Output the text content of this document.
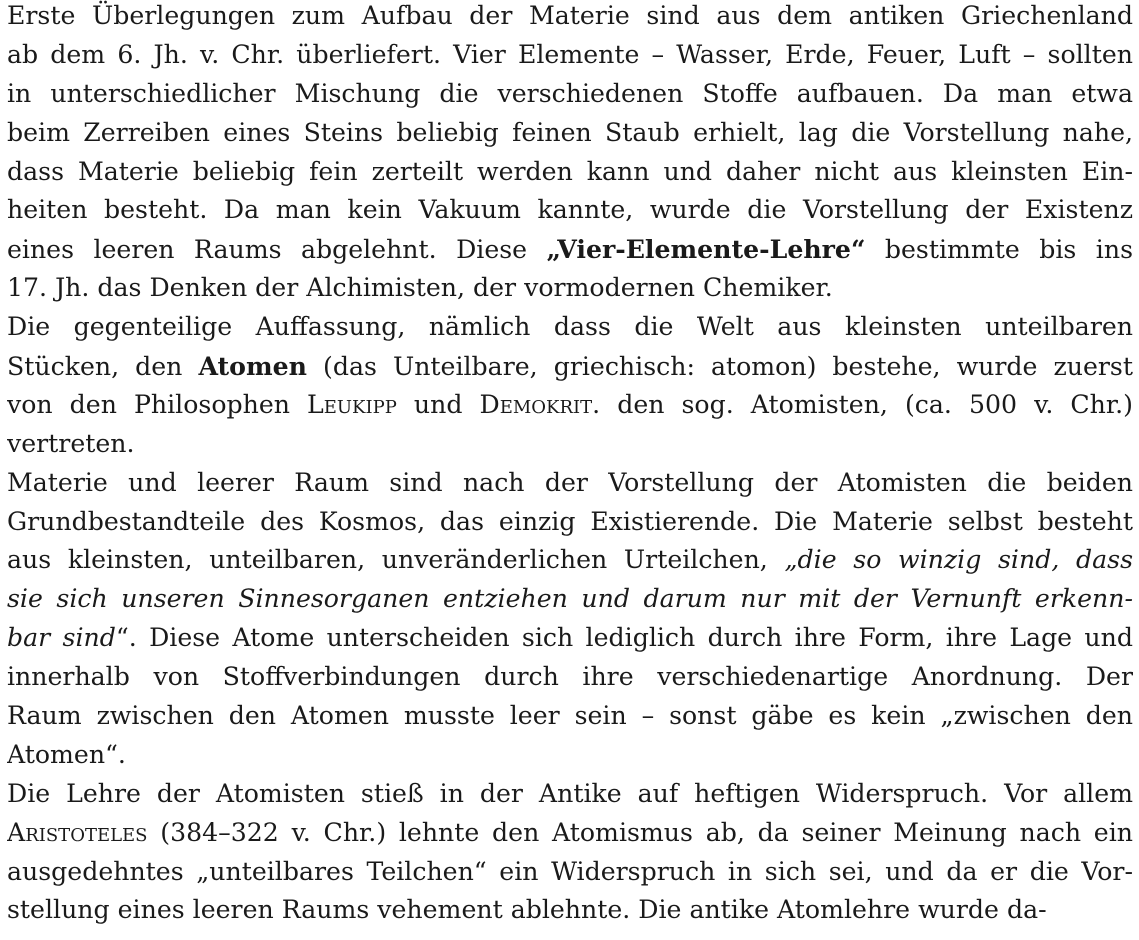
Erste Überlegungen zum Aufbau der Materie sind aus dem antiken Griechenland
ab dem 6. Jh. v. Chr. überliefert. Vier Elemente – Wasser, Erde, Feuer, Luft – sollten
in unterschiedlicher Mischung die verschiedenen Stoffe aufbauen. Da man etwa
beim Zerreiben eines Steins beliebig feinen Staub erhielt, lag die Vorstellung nahe,
dass Materie beliebig fein zerteilt werden kann und daher nicht aus kleinsten Ein-
heiten besteht. Da man kein Vakuum kannte, wurde die Vorstellung der Existenz
eines leeren Raums abgelehnt. Diese „Vier-Elemente-Lehre“ bestimmte bis ins
17. Jh. das Denken der Alchimisten, der vormodernen Chemiker.
Die gegenteilige Auffassung, nämlich dass die Welt aus kleinsten unteilbaren
Stücken, den Atomen (das Unteilbare, griechisch: atomon) bestehe, wurde zuerst
von den Philosophen Leukipp und Demokrit. den sog. Atomisten, (ca. 500 v. Chr.)
vertreten.
Materie und leerer Raum sind nach der Vorstellung der Atomisten die beiden
Grundbestandteile des Kosmos, das einzig Existierende. Die Materie selbst besteht
aus kleinsten, unteilbaren, unveränderlichen Urteilchen, „die so winzig sind, dass
sie sich unseren Sinnesorganen entziehen und darum nur mit der Vernunft erkenn-
bar sind“. Diese Atome unterscheiden sich lediglich durch ihre Form, ihre Lage und
innerhalb von Stoffverbindungen durch ihre verschiedenartige Anordnung. Der
Raum zwischen den Atomen musste leer sein – sonst gäbe es kein „zwischen den
Atomen“.
Die Lehre der Atomisten stieß in der Antike auf heftigen Widerspruch. Vor allem
Aristoteles (384–322 v. Chr.) lehnte den Atomismus ab, da seiner Meinung nach ein
ausgedehntes „unteilbares Teilchen“ ein Widerspruch in sich sei, und da er die Vor-
stellung eines leeren Raums vehement ablehnte. Die antike Atomlehre wurde da-
